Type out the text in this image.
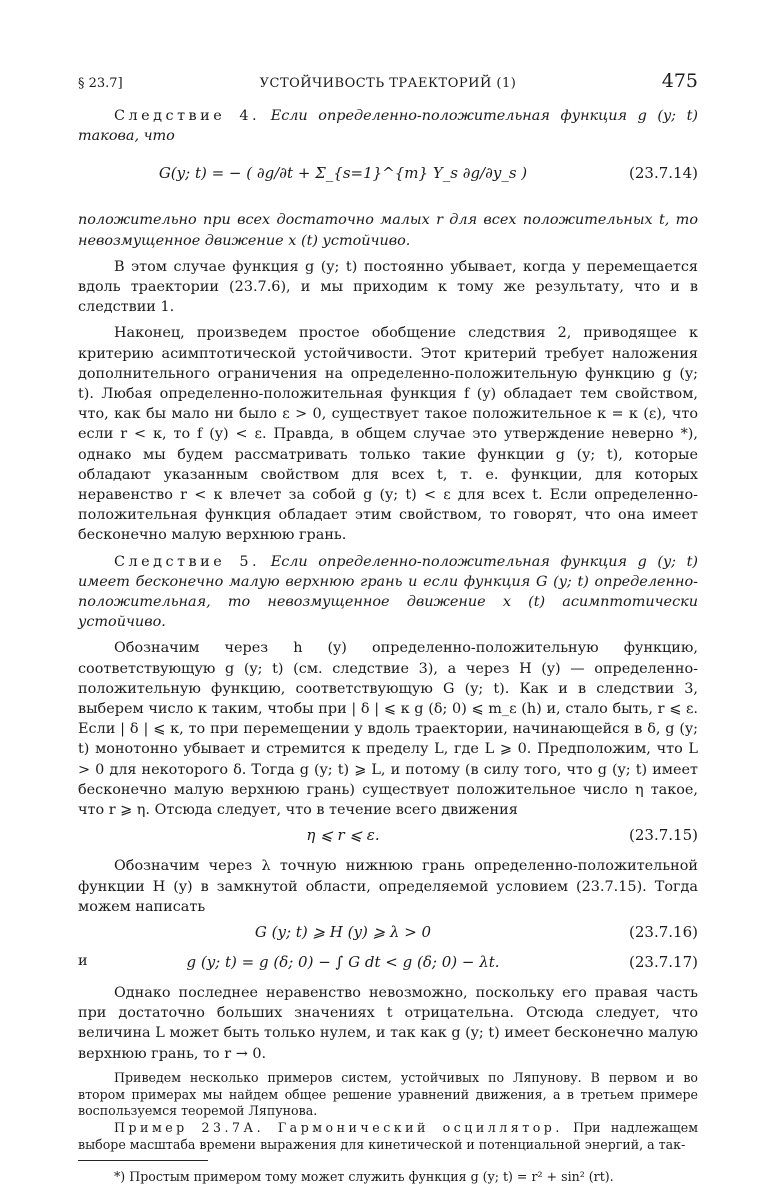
§ 23.7]	УСТОЙЧИВОСТЬ ТРАЕКТОРИЙ (1)	475

Следствие 4. Если определенно-положительная функция g (y; t) такова, что

G(y; t) = − ( ∂g/∂t + Σ_{s=1}^{m} Y_s ∂g/∂y_s )	(23.7.14)

положительно при всех достаточно малых r для всех положительных t, то невозмущенное движение x (t) устойчиво.

В этом случае функция g (y; t) постоянно убывает, когда y перемещается вдоль траектории (23.7.6), и мы приходим к тому же результату, что и в следствии 1.

Наконец, произведем простое обобщение следствия 2, приводящее к критерию асимптотической устойчивости. Этот критерий требует наложения дополнительного ограничения на определенно-положительную функцию g (y; t). Любая определенно-положительная функция f (y) обладает тем свойством, что, как бы мало ни было ε > 0, существует такое положительное κ = κ (ε), что если r < κ, то f (y) < ε. Правда, в общем случае это утверждение неверно *), однако мы будем рассматривать только такие функции g (y; t), которые обладают указанным свойством для всех t, т. е. функции, для которых неравенство r < κ влечет за собой g (y; t) < ε для всех t. Если определенно-положительная функция обладает этим свойством, то говорят, что она имеет бесконечно малую верхнюю грань.

Следствие 5. Если определенно-положительная функция g (y; t) имеет бесконечно малую верхнюю грань и если функция G (y; t) определенно-положительная, то невозмущенное движение x (t) асимптотически устойчиво.

Обозначим через h (y) определенно-положительную функцию, соответствующую g (y; t) (см. следствие 3), а через H (y) — определенно-положительную функцию, соответствующую G (y; t). Как и в следствии 3, выберем число κ таким, чтобы при | δ | ⩽ κ g (δ; 0) ⩽ m_ε (h) и, стало быть, r ⩽ ε. Если | δ | ⩽ κ, то при перемещении y вдоль траектории, начинающейся в δ, g (y; t) монотонно убывает и стремится к пределу L, где L ⩾ 0. Предположим, что L > 0 для некоторого δ. Тогда g (y; t) ⩾ L, и потому (в силу того, что g (y; t) имеет бесконечно малую верхнюю грань) существует положительное число η такое, что r ⩾ η. Отсюда следует, что в течение всего движения

η ⩽ r ⩽ ε.	(23.7.15)

Обозначим через λ точную нижнюю грань определенно-положительной функции H (y) в замкнутой области, определяемой условием (23.7.15). Тогда можем написать

G (y; t) ⩾ H (y) ⩾ λ > 0	(23.7.16)
и	g (y; t) = g (δ; 0) − ∫ G dt < g (δ; 0) − λt.	(23.7.17)

Однако последнее неравенство невозможно, поскольку его правая часть при достаточно больших значениях t отрицательна. Отсюда следует, что величина L может быть только нулем, и так как g (y; t) имеет бесконечно малую верхнюю грань, то r → 0.

Приведем несколько примеров систем, устойчивых по Ляпунову. В первом и во втором примерах мы найдем общее решение уравнений движения, а в третьем примере воспользуемся теоремой Ляпунова.

Пример 23.7А. Гармонический осциллятор. При надлежащем выборе масштаба времени выражения для кинетической и потенциальной энергий, а так-

*) Простым примером тому может служить функция g (y; t) = r² + sin² (rt).
